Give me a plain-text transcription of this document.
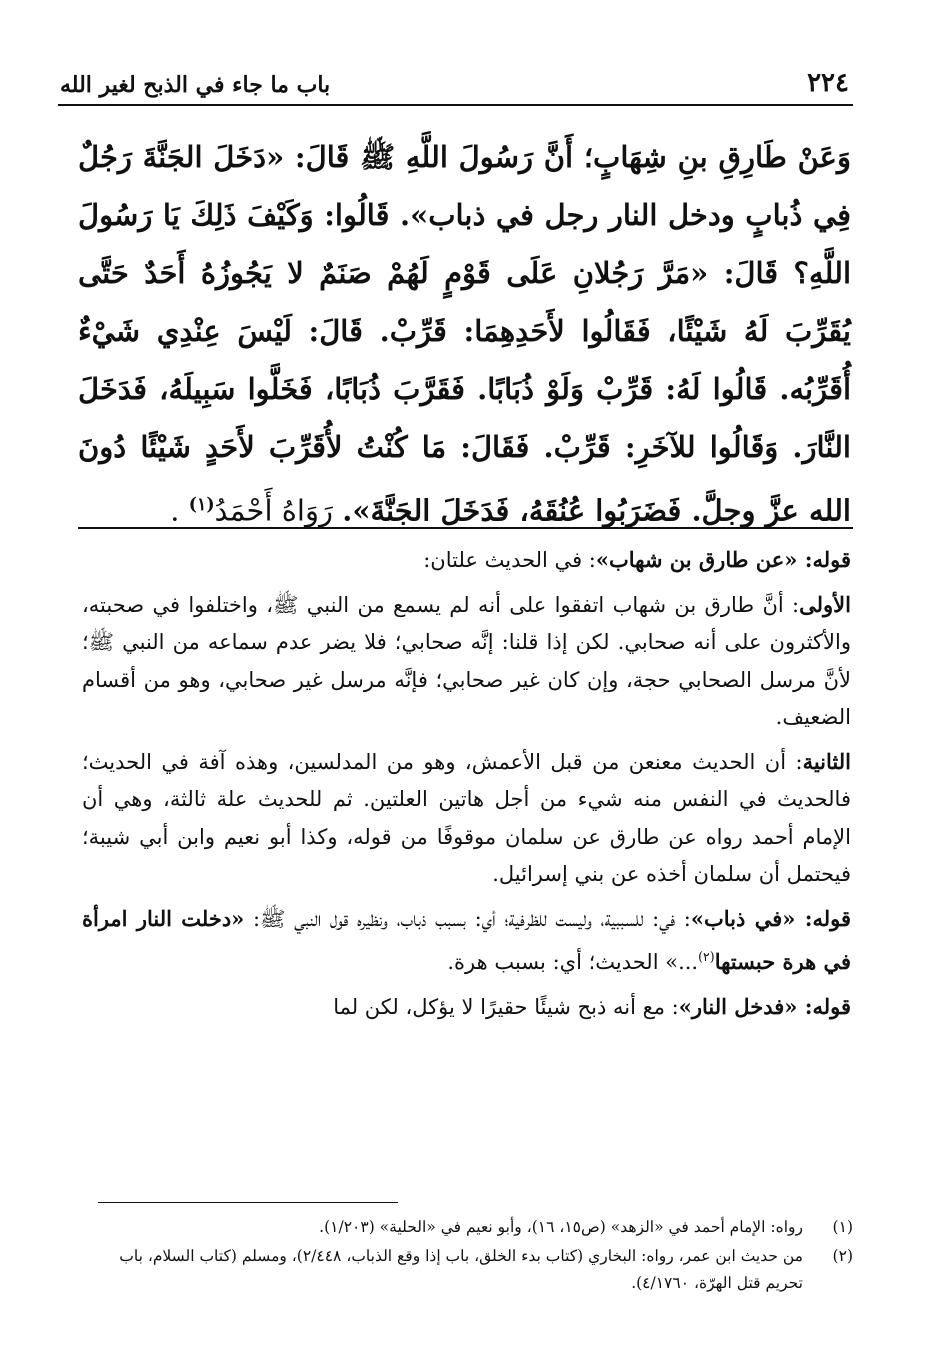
٢٢٤
باب ما جاء في الذبح لغير الله

وَعَنْ طَارِقِ بنِ شِهَابٍ؛ أَنَّ رَسُولَ اللَّهِ ﷺ قَالَ: «دَخَلَ الجَنَّةَ رَجُلٌ فِي ذُبابٍ ودخل النار رجل في ذباب». قَالُوا: وَكَيْفَ ذَلِكَ يَا رَسُولَ اللَّهِ؟ قَالَ: «مَرَّ رَجُلانِ عَلَى قَوْمٍ لَهُمْ صَنَمٌ لا يَجُوزُهُ أَحَدٌ حَتَّى يُقَرِّبَ لَهُ شَيْئًا، فَقَالُوا لأَحَدِهِمَا: قَرِّبْ. قَالَ: لَيْسَ عِنْدِي شَيْءٌ أُقَرِّبُه. قَالُوا لَهُ: قَرِّبْ وَلَوْ ذُبَابًا. فَقَرَّبَ ذُبَابًا، فَخَلَّوا سَبِيلَهُ، فَدَخَلَ النَّارَ. وَقَالُوا للآخَرِ: قَرِّبْ. فَقَالَ: مَا كُنْتُ لأُقَرِّبَ لأَحَدٍ شَيْئًا دُونَ الله عزَّ وجلَّ. فَضَرَبُوا عُنُقَهُ، فَدَخَلَ الجَنَّةَ». رَوَاهُ أَحْمَدُ$^{(١)}$ .

قوله: «عن طارق بن شهاب»: في الحديث علتان:

الأولى: أنَّ طارق بن شهاب اتفقوا على أنه لم يسمع من النبي ﷺ، واختلفوا في صحبته، والأكثرون على أنه صحابي. لكن إذا قلنا: إنَّه صحابي؛ فلا يضر عدم سماعه من النبي ﷺ؛ لأنَّ مرسل الصحابي حجة، وإن كان غير صحابي؛ فإنَّه مرسل غير صحابي، وهو من أقسام الضعيف.

الثانية: أن الحديث معنعن من قبل الأعمش، وهو من المدلسين، وهذه آفة في الحديث؛ فالحديث في النفس منه شيء من أجل هاتين العلتين. ثم للحديث علة ثالثة، وهي أن الإمام أحمد رواه عن طارق عن سلمان موقوفًا من قوله، وكذا أبو نعيم وابن أبي شيبة؛ فيحتمل أن سلمان أخذه عن بني إسرائيل.

قوله: «في ذباب»: في: للسببية، وليست للظرفية؛ أي: بسبب ذباب، ونظيره قول النبي ﷺ: «دخلت النار امرأة في هرة حبستها$^{(٢)}$...» الحديث؛ أي: بسبب هرة.

قوله: «فدخل النار»: مع أنه ذبح شيئًا حقيرًا لا يؤكل، لكن لما

(١)
رواه: الإمام أحمد في «الزهد» (ص١٥، ١٦)، وأبو نعيم في «الحلية» (١/٢٠٣).
(٢)
من حديث ابن عمر، رواه: البخاري (كتاب بدء الخلق، باب إذا وقع الذباب، ٢/٤٤٨)، ومسلم (كتاب السلام، باب تحريم قتل الهرّة، ٤/١٧٦٠).
